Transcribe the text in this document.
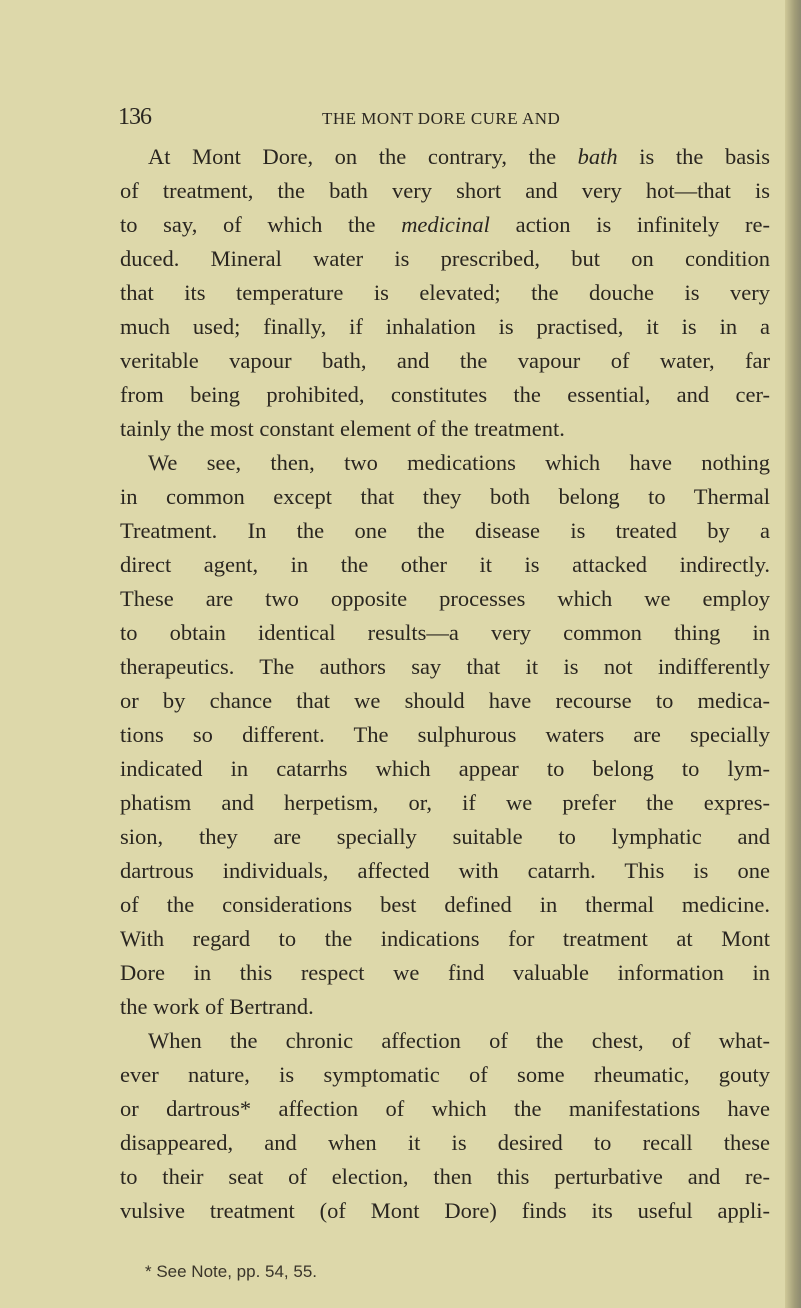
136	THE MONT DORE CURE AND
At Mont Dore, on the contrary, the bath is the basis
of treatment, the bath very short and very hot—that is
to say, of which the medicinal action is infinitely re-
duced. Mineral water is prescribed, but on condition
that its temperature is elevated; the douche is very
much used; finally, if inhalation is practised, it is in a
veritable vapour bath, and the vapour of water, far
from being prohibited, constitutes the essential, and cer-
tainly the most constant element of the treatment.
We see, then, two medications which have nothing
in common except that they both belong to Thermal
Treatment. In the one the disease is treated by a
direct agent, in the other it is attacked indirectly.
These are two opposite processes which we employ
to obtain identical results—a very common thing in
therapeutics. The authors say that it is not indifferently
or by chance that we should have recourse to medica-
tions so different. The sulphurous waters are specially
indicated in catarrhs which appear to belong to lym-
phatism and herpetism, or, if we prefer the expres-
sion, they are specially suitable to lymphatic and
dartrous individuals, affected with catarrh. This is one
of the considerations best defined in thermal medicine.
With regard to the indications for treatment at Mont
Dore in this respect we find valuable information in
the work of Bertrand.
When the chronic affection of the chest, of what-
ever nature, is symptomatic of some rheumatic, gouty
or dartrous* affection of which the manifestations have
disappeared, and when it is desired to recall these
to their seat of election, then this perturbative and re-
vulsive treatment (of Mont Dore) finds its useful appli-
* See Note, pp. 54, 55.
